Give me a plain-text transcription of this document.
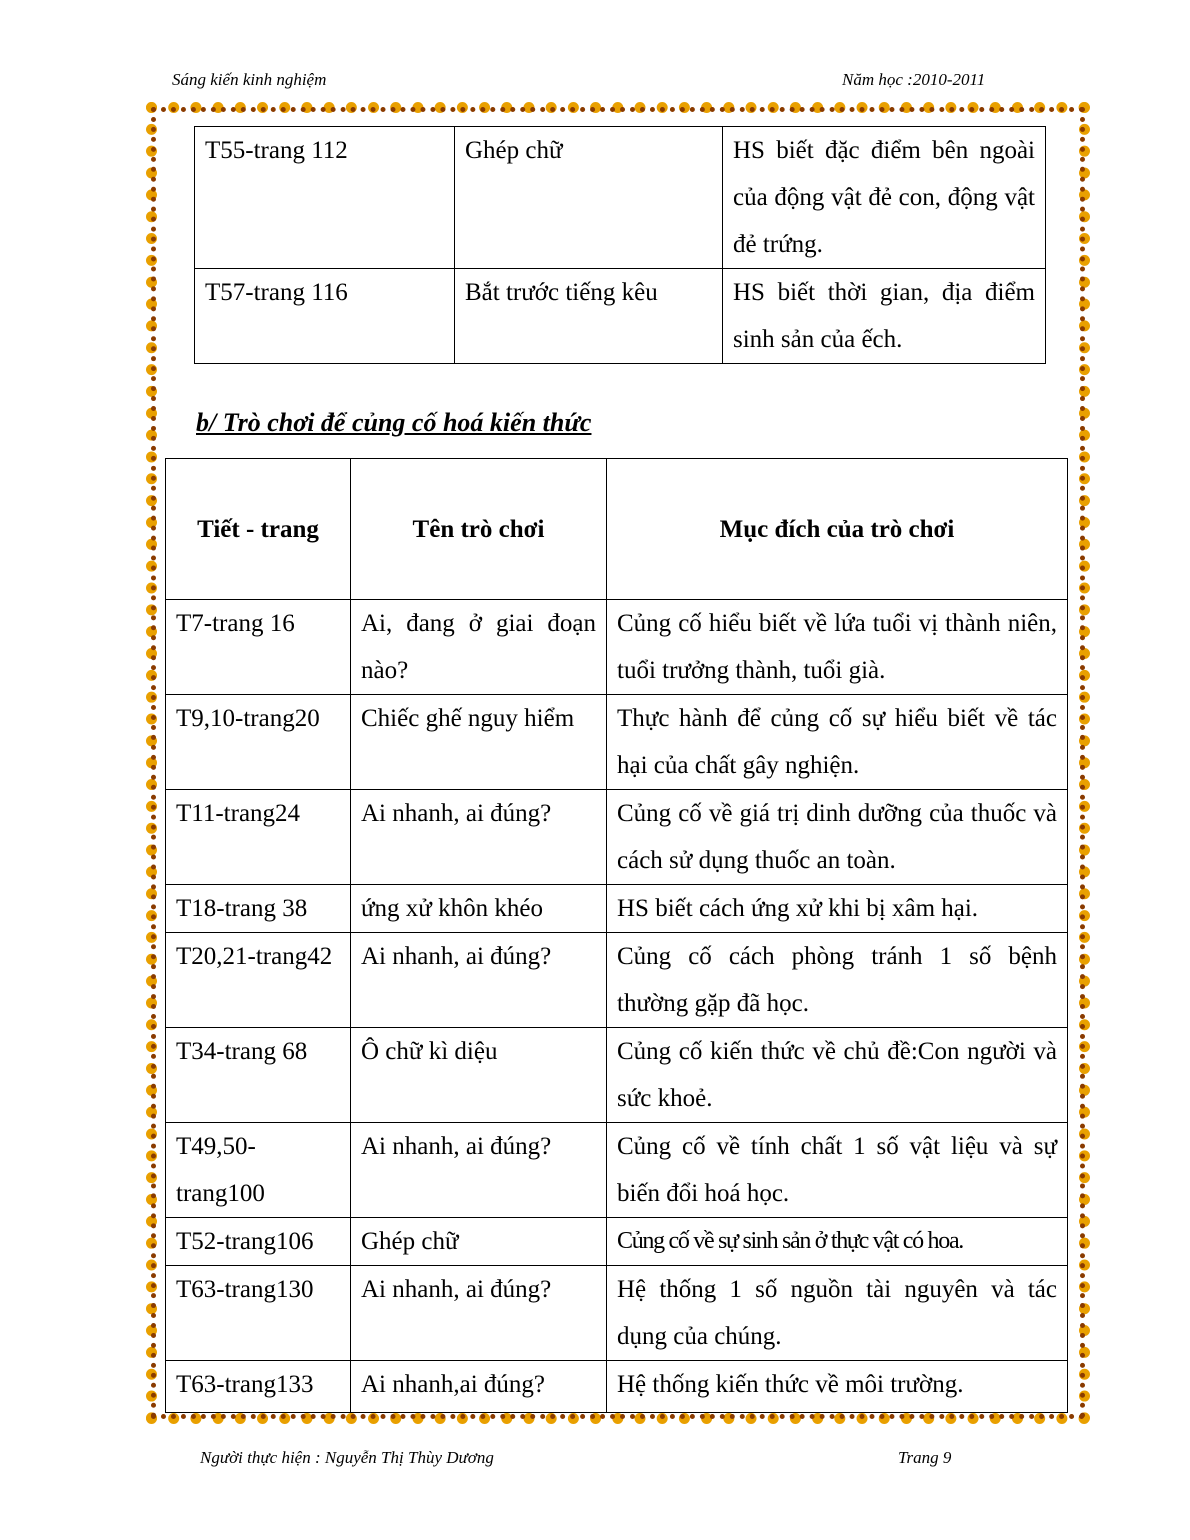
Sáng kiến kinh nghiệm	Năm học :2010-2011
T55-trang 112	Ghép chữ	HS biết đặc điểm bên ngoài của động vật đẻ con, động vật đẻ trứng.
T57-trang 116	Bắt trước tiếng kêu	HS biết thời gian, địa điểm sinh sản của ếch.
b/ Trò chơi để củng cố hoá kiến thức
Tiết - trang	Tên trò chơi	Mục đích của trò chơi
T7-trang 16	Ai, đang ở giai đoạn nào?	Củng cố hiểu biết về lứa tuổi vị thành niên, tuổi trưởng thành, tuổi già.
T9,10-trang20	Chiếc ghế nguy hiểm	Thực hành để củng cố sự hiểu biết về tác hại của chất gây nghiện.
T11-trang24	Ai nhanh, ai đúng?	Củng cố về giá trị dinh dưỡng của thuốc và cách sử dụng thuốc an toàn.
T18-trang 38	ứng xử khôn khéo	HS biết cách ứng xử khi bị xâm hại.
T20,21-trang42	Ai nhanh, ai đúng?	Củng cố cách phòng tránh 1 số bệnh thường gặp đã học.
T34-trang 68	Ô chữ kì diệu	Củng cố kiến thức về chủ đề:Con người và sức khoẻ.
T49,50-trang100	Ai nhanh, ai đúng?	Củng cố về tính chất 1 số vật liệu và sự biến đổi hoá học.
T52-trang106	Ghép chữ	Củng cố về sự sinh sản ở thực vật có hoa.
T63-trang130	Ai nhanh, ai đúng?	Hệ thống 1 số nguồn tài nguyên và tác dụng của chúng.
T63-trang133	Ai nhanh,ai đúng?	Hệ thống kiến thức về môi trường.
Người thực hiện : Nguyễn Thị Thùy Dương	Trang 9
